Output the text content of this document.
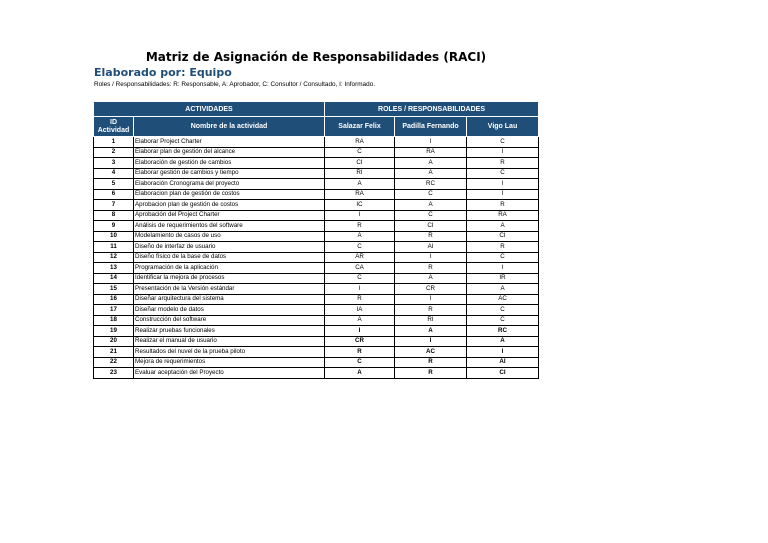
Matriz de Asignación de Responsabilidades (RACI)
Elaborado por: Equipo
Roles / Responsabilidades: R: Responsable, A: Aprobador, C: Consultor / Consultado, I: Informado.
ACTIVIDADES		ROLES / RESPONSABILIDADES		
ID Actividad	Nombre de la actividad	Salazar Felix	Padilla Fernando	Vigo Lau
1	Elaborar Project Charter	RA	I	C
2	Elaborar plan de gestión del alcance	C	RA	I
3	Elaboración de gestión de cambios	CI	A	R
4	Elaborar gestión de cambios y tiempo	RI	A	C
5	Elaboración Cronograma del proyecto	A	RC	I
6	Elaboracion plan de gestión de costos	RA	C	I
7	Aprobacion plan de gestión de costos	IC	A	R
8	Aprobación del Project Charter	I	C	RA
9	Análisis de requerimientos del software	R	CI	A
10	Modelamiento de casos de uso	A	R	CI
11	Diseño de interfaz de usuario	C	AI	R
12	Diseño físico de la base de datos	AR	I	C
13	Programación de la aplicación	CA	R	I
14	Identificar la mejora de procesos	C	A	IR
15	Presentación de la Versión estándar	I	CR	A
16	Diseñar arquitectura del sistema	R	I	AC
17	Diseñar modelo de datos	IA	R	C
18	Construcción del software	A	RI	C
19	Realizar pruebas funcionales	I	A	RC
20	Realizar el manual de usuario	CR	I	A
21	Resultados del nuvel de la prueba piloto	R	AC	I
22	Mejora de requerimientos	C	R	AI
23	Evaluar aceptación del Proyecto	A	R	CI
